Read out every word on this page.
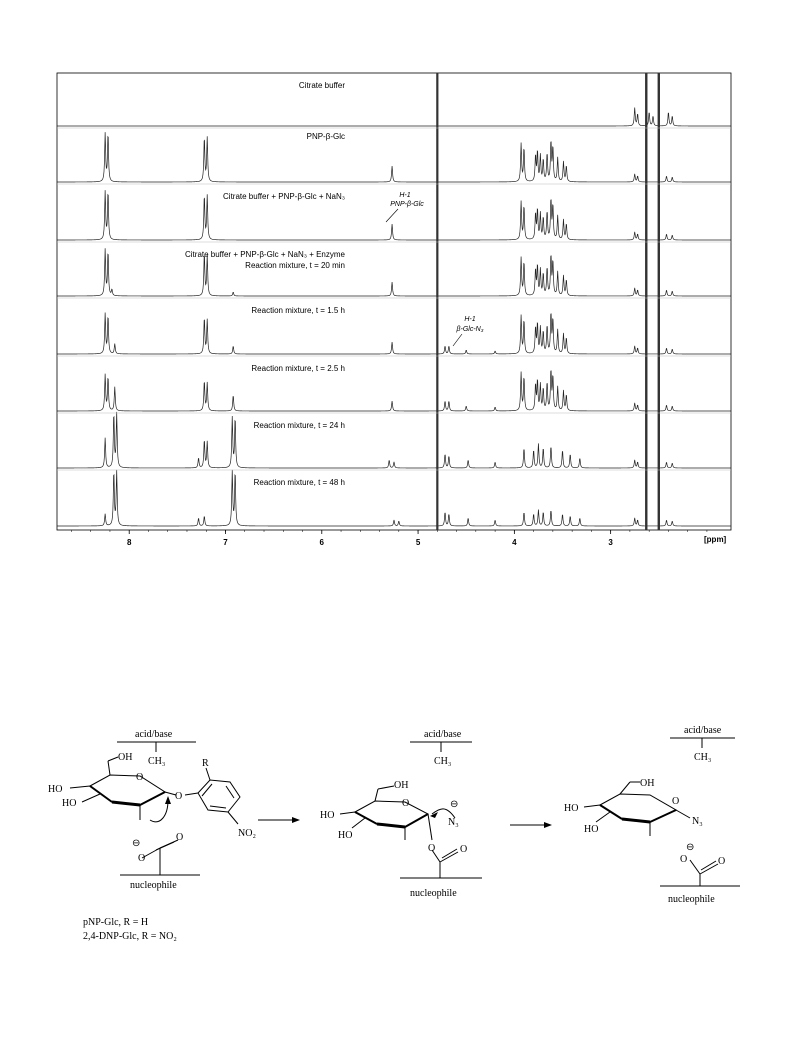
Citrate buffer
PNP-β-Glc
Citrate buffer + PNP-β-Glc + NaN₃
Citrate buffer + PNP-β-Glc + NaN₃ + Enzyme
Reaction mixture, t = 20 min
Reaction mixture, t = 1.5 h
Reaction mixture, t = 2.5 h
Reaction mixture, t = 24 h
Reaction mixture, t = 48 h
H-1
PNP-β-Glc
H-1
β-Glc-N₃
8	7	6	5	4	3	[ppm]
acid/base
CH₃
OH
O
HO
HO
O
R
NO₂
⊖
O
O
nucleophile
pNP-Glc, R = H
2,4-DNP-Glc, R = NO₂
acid/base
CH₃
OH
O
HO
HO
⊖
N₃
O O
nucleophile
acid/base
CH₃
OH
O
HO
HO
N₃
⊖
O	O
nucleophile
